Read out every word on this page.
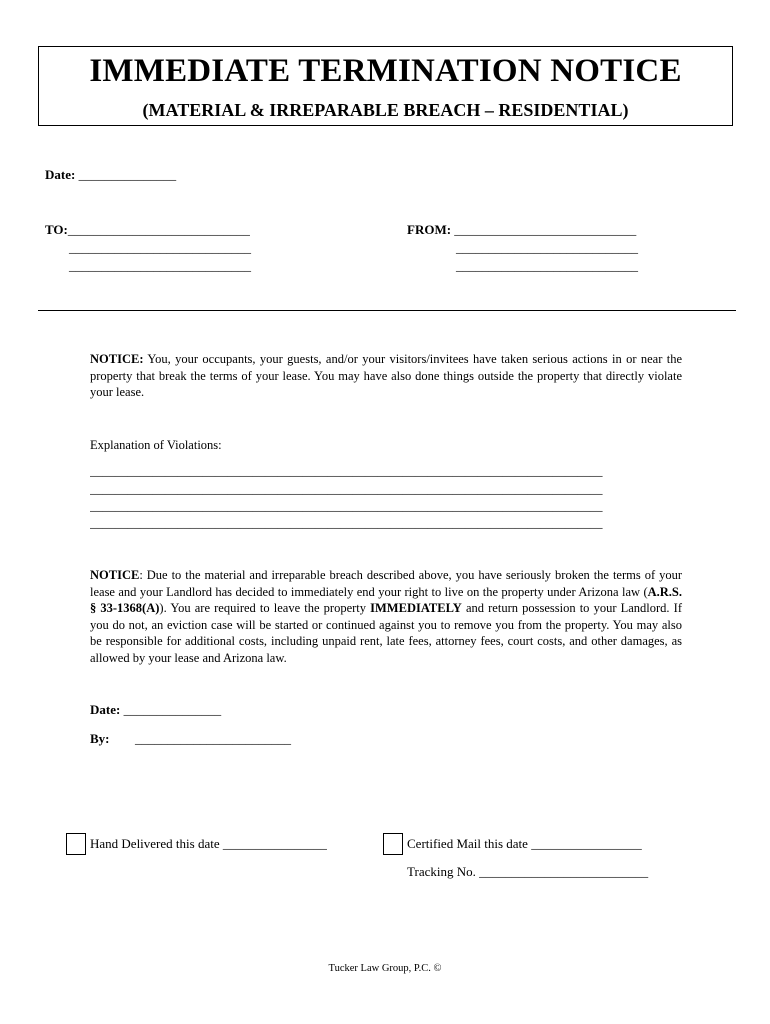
IMMEDIATE TERMINATION NOTICE
(MATERIAL & IRREPARABLE BREACH – RESIDENTIAL)
Date: _______________
TO:____________________________
____________________________
____________________________
FROM: ____________________________
____________________________
____________________________
NOTICE: You, your occupants, your guests, and/or your visitors/invitees have taken serious actions in or near the property that break the terms of your lease. You may have also done things outside the property that directly violate your lease.
Explanation of Violations:
__________________________________________________________________________________
__________________________________________________________________________________
__________________________________________________________________________________
__________________________________________________________________________________
NOTICE: Due to the material and irreparable breach described above, you have seriously broken the terms of your lease and your Landlord has decided to immediately end your right to live on the property under Arizona law (A.R.S. § 33-1368(A)). You are required to leave the property IMMEDIATELY and return possession to your Landlord. If you do not, an eviction case will be started or continued against you to remove you from the property. You may also be responsible for additional costs, including unpaid rent, late fees, attorney fees, court costs, and other damages, as allowed by your lease and Arizona law.
Date: _______________
By: ________________________
Hand Delivered this date ________________	Certified Mail this date _________________
Tracking No. __________________________
Tucker Law Group, P.C. ©
